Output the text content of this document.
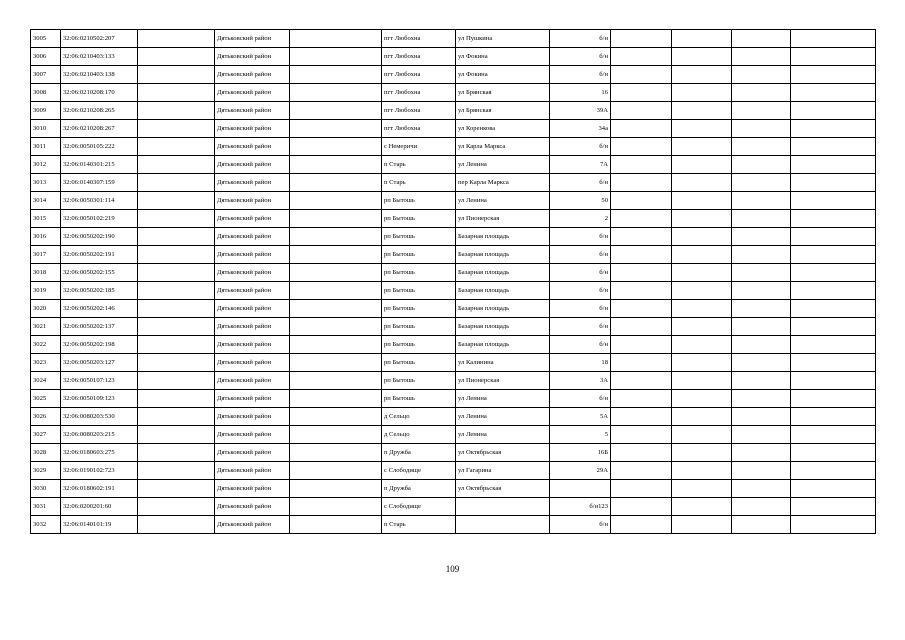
3005	32:06:0210502:207		Дятьковский район		пгт Любохна	ул Пушкина	б/н				
3006	32:06:0210403:133		Дятьковский район		пгт Любохна	ул Фокина	б/н				
3007	32:06:0210403:138		Дятьковский район		пгт Любохна	ул Фокина	б/н				
3008	32:06:0210208:170		Дятьковский район		пгт Любохна	ул Брянская	16				
3009	32:06:0210208:265		Дятьковский район		пгт Любохна	ул Брянская	39А				
3010	32:06:0210208:267		Дятьковский район		пгт Любохна	ул Коренкова	34а				
3011	32:06:0050105:222		Дятьковский район		с Немеричи	ул Карла Маркса	б/н				
3012	32:06:0140301:215		Дятьковский район		п Старь	ул Ленина	7А				
3013	32:06:0140307:159		Дятьковский район		п Старь	пер Карла Маркса	б/н				
3014	32:06:0050301:114		Дятьковский район		рп Бытошь	ул Ленина	50				
3015	32:06:0050102:219		Дятьковский район		рп Бытошь	ул Пионерская	2				
3016	32:06:0050202:190		Дятьковский район		рп Бытошь	Базарная площадь	б/н				
3017	32:06:0050202:191		Дятьковский район		рп Бытошь	Базарная площадь	б/н				
3018	32:06:0050202:155		Дятьковский район		рп Бытошь	Базарная площадь	б/н				
3019	32:06:0050202:185		Дятьковский район		рп Бытошь	Базарная площадь	б/н				
3020	32:06:0050202:146		Дятьковский район		рп Бытошь	Базарная площадь	б/н				
3021	32:06:0050202:137		Дятьковский район		рп Бытошь	Базарная площадь	б/н				
3022	32:06:0050202:198		Дятьковский район		рп Бытошь	Базарная площадь	б/н				
3023	32:06:0050203:127		Дятьковский район		рп Бытошь	ул Калинина	18				
3024	32:06:0050107:123		Дятьковский район		рп Бытошь	ул Пионерская	3А				
3025	32:06:0050109:123		Дятьковский район		рп Бытошь	ул Ленина	б/н				
3026	32:06:0080203:530		Дятьковский район		д Сельцо	ул Ленина	5А				
3027	32:06:0080203:215		Дятьковский район		д Сельцо	ул Ленина	5				
3028	32:06:0180603:275		Дятьковский район		п Дружба	ул Октябрьская	16Б				
3029	32:06:0190102:723		Дятьковский район		с Слободище	ул Гагарина	29А				
3030	32:06:0180602:191		Дятьковский район		п Дружба	ул Октябрьская					
3031	32:06:0200201:60		Дятьковский район		с Слободище		б/н123				
3032	32:06:0140101:19		Дятьковский район		п Старь		б/н				
109
